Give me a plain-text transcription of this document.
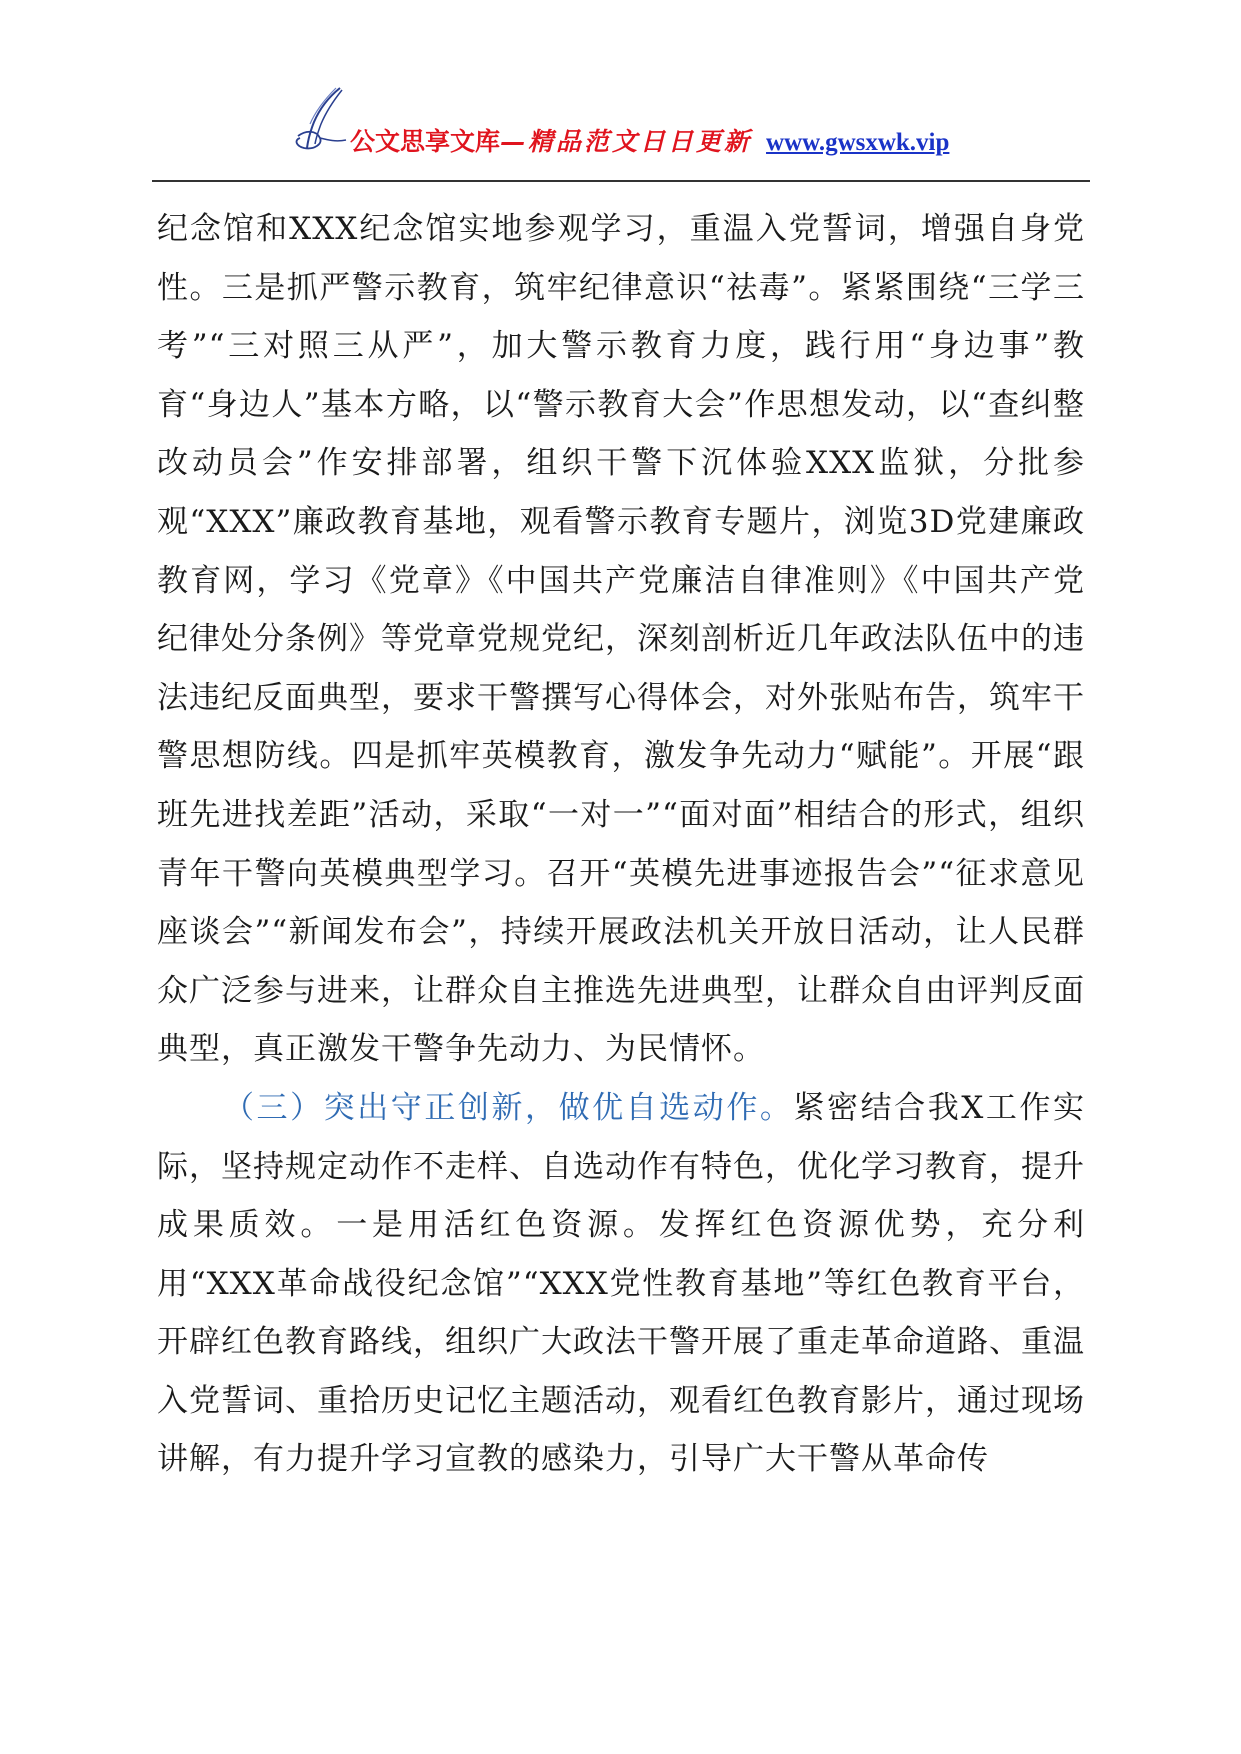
公文思享文库—精品范文日日更新 www.gwsxwk.vip

纪念馆和XXX纪念馆实地参观学习，重温入党誓词，增强自身党性。三是抓严警示教育，筑牢纪律意识“祛毒”。紧紧围绕“三学三考”“三对照三从严”，加大警示教育力度，践行用“身边事”教育“身边人”基本方略，以“警示教育大会”作思想发动，以“查纠整改动员会”作安排部署，组织干警下沉体验XXX监狱，分批参观“XXX”廉政教育基地，观看警示教育专题片，浏览3D党建廉政教育网，学习《党章》《中国共产党廉洁自律准则》《中国共产党纪律处分条例》等党章党规党纪，深刻剖析近几年政法队伍中的违法违纪反面典型，要求干警撰写心得体会，对外张贴布告，筑牢干警思想防线。四是抓牢英模教育，激发争先动力“赋能”。开展“跟班先进找差距”活动，采取“一对一”“面对面”相结合的形式，组织青年干警向英模典型学习。召开“英模先进事迹报告会”“征求意见座谈会”“新闻发布会”，持续开展政法机关开放日活动，让人民群众广泛参与进来，让群众自主推选先进典型，让群众自由评判反面典型，真正激发干警争先动力、为民情怀。

（三）突出守正创新，做优自选动作。紧密结合我X工作实际，坚持规定动作不走样、自选动作有特色，优化学习教育，提升成果质效。一是用活红色资源。发挥红色资源优势，充分利用“XXX革命战役纪念馆”“XXX党性教育基地”等红色教育平台，开辟红色教育路线，组织广大政法干警开展了重走革命道路、重温入党誓词、重拾历史记忆主题活动，观看红色教育影片，通过现场讲解，有力提升学习宣教的感染力，引导广大干警从革命传
